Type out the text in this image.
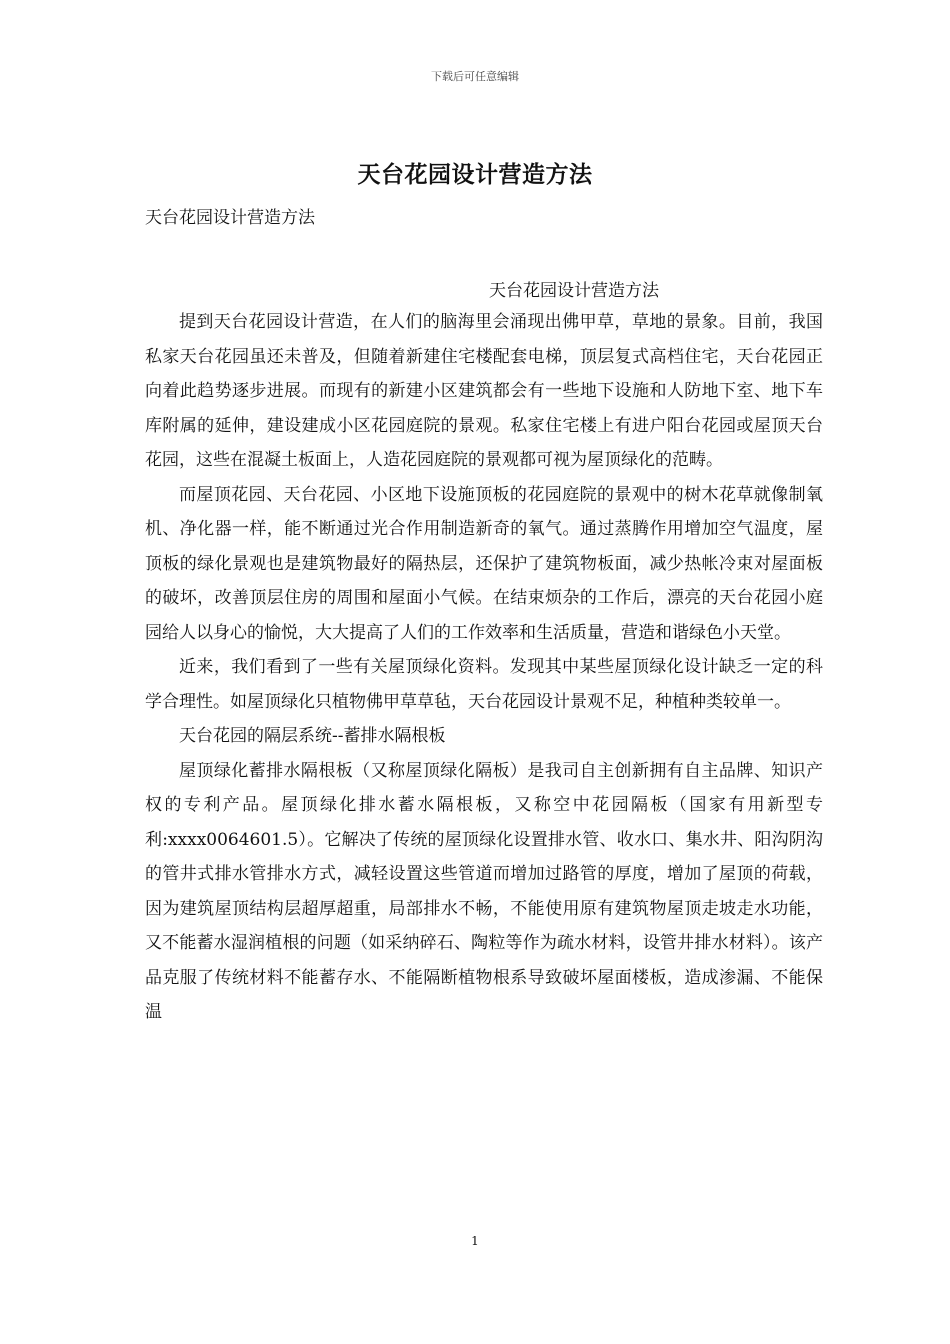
下载后可任意编辑
天台花园设计营造方法
天台花园设计营造方法
天台花园设计营造方法

提到天台花园设计营造，在人们的脑海里会涌现出佛甲草，草地的景象。目前，我国私家天台花园虽还未普及，但随着新建住宅楼配套电梯，顶层复式高档住宅，天台花园正向着此趋势逐步进展。而现有的新建小区建筑都会有一些地下设施和人防地下室、地下车库附属的延伸，建设建成小区花园庭院的景观。私家住宅楼上有进户阳台花园或屋顶天台花园，这些在混凝土板面上，人造花园庭院的景观都可视为屋顶绿化的范畴。

而屋顶花园、天台花园、小区地下设施顶板的花园庭院的景观中的树木花草就像制氧机、净化器一样，能不断通过光合作用制造新奇的氧气。通过蒸腾作用增加空气温度，屋顶板的绿化景观也是建筑物最好的隔热层，还保护了建筑物板面，减少热帐冷束对屋面板的破坏，改善顶层住房的周围和屋面小气候。在结束烦杂的工作后，漂亮的天台花园小庭园给人以身心的愉悦，大大提高了人们的工作效率和生活质量，营造和谐绿色小天堂。

近来，我们看到了一些有关屋顶绿化资料。发现其中某些屋顶绿化设计缺乏一定的科学合理性。如屋顶绿化只植物佛甲草草毡，天台花园设计景观不足，种植种类较单一。

天台花园的隔层系统--蓄排水隔根板

屋顶绿化蓄排水隔根板（又称屋顶绿化隔板）是我司自主创新拥有自主品牌、知识产权的专利产品。屋顶绿化排水蓄水隔根板，又称空中花园隔板（国家有用新型专利:xxxx0064601.5）。它解决了传统的屋顶绿化设置排水管、收水口、集水井、阳沟阴沟的管井式排水管排水方式，减轻设置这些管道而增加过路管的厚度，增加了屋顶的荷载，因为建筑屋顶结构层超厚超重，局部排水不畅，不能使用原有建筑物屋顶走坡走水功能，又不能蓄水湿润植根的问题（如采纳碎石、陶粒等作为疏水材料，设管井排水材料）。该产品克服了传统材料不能蓄存水、不能隔断植物根系导致破坏屋面楼板，造成渗漏、不能保温

1
